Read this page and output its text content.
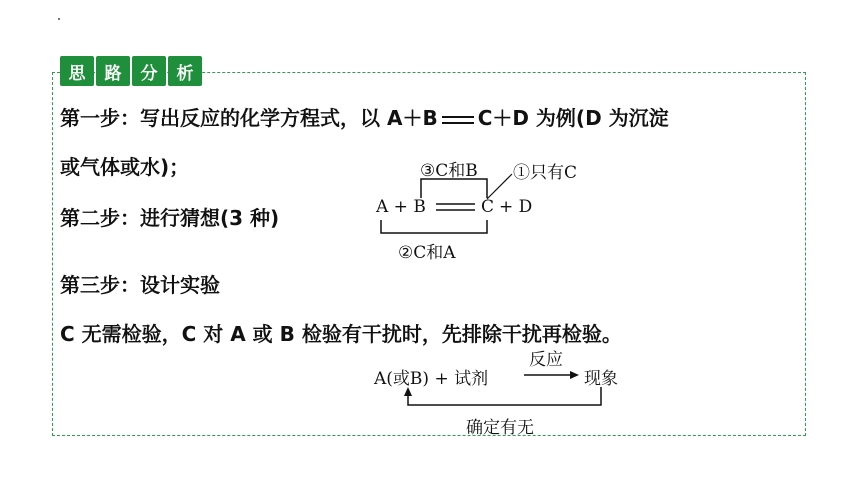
思	路	分	析
第一步：写出反应的化学方程式，以 A＋B C＋D 为例(D 为沉淀
或气体或水)；
第二步：进行猜想(3 种)
第三步：设计实验
C 无需检验，C 对 A 或 B 检验有干扰时，先排除干扰再检验。
③C和B ①只有C
A + B	C + D
②C和A
A(或B) + 试剂
反应
现象
确定有无
